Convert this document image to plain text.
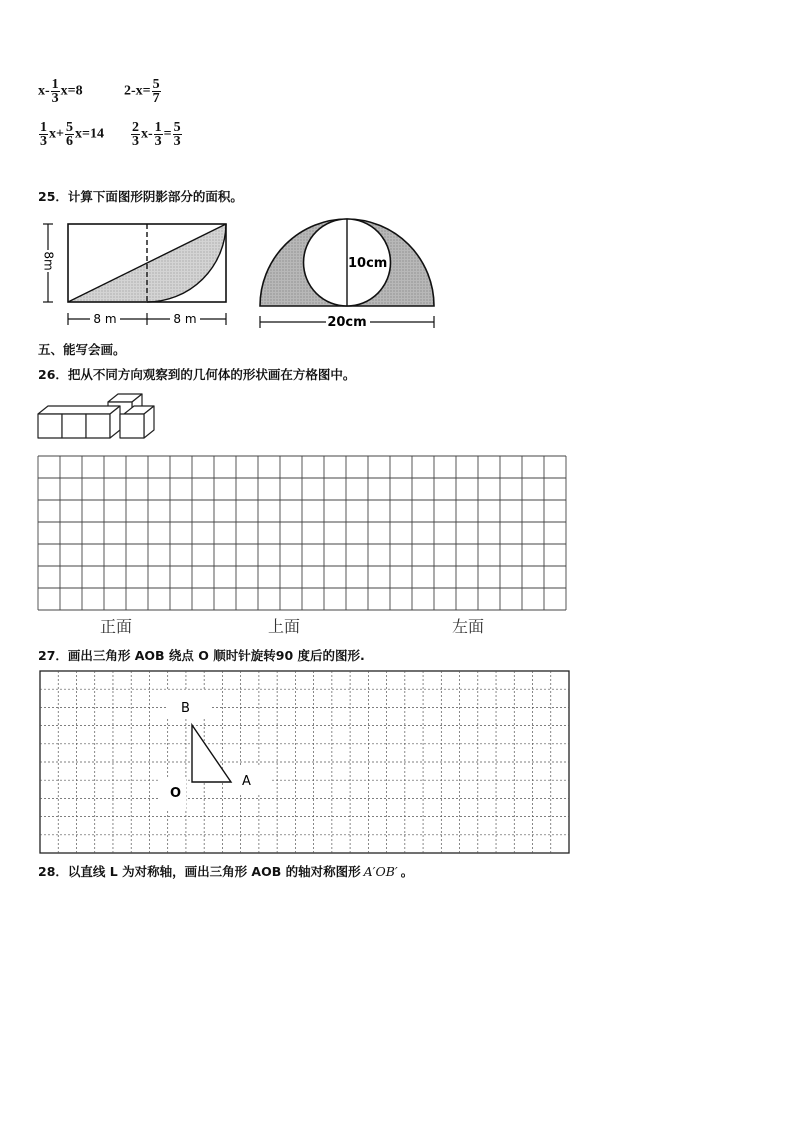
$x- \frac{1}{3} x=8$	$2-x= \frac{5}{7}$
$\frac{1}{3} x+ \frac{5}{6} x=14 \frac{2}{3} x- \frac{1}{3} = \frac{5}{3}$
25．计算下面图形阴影部分的面积。
8m
8 m	8 m
10cm
20cm
五、能写会画。
26．把从不同方向观察到的几何体的形状画在方格图中。
正面	上面	左面
27．画出三角形 AOB 绕点 O 顺时针旋转90 度后的图形.
B
A
O
28．以直线 L 为对称轴，画出三角形 AOB 的轴对称图形 A′OB′ 。
